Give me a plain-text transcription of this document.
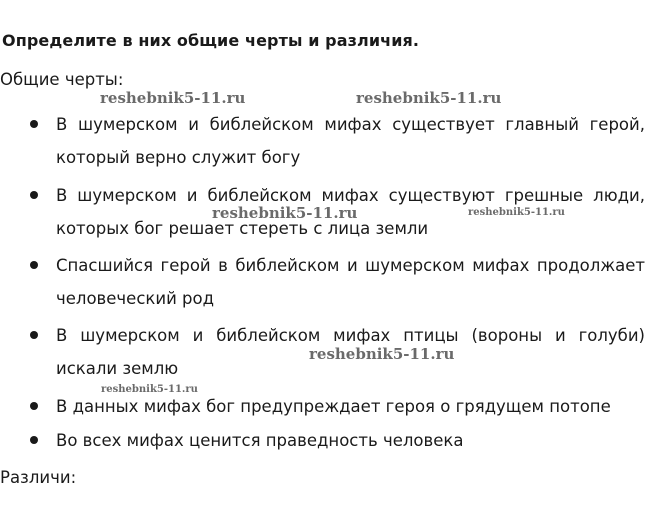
Определите в них общие черты и различия.
Общие черты:
В шумерском и библейском мифах существует главный герой, который верно служит богу
В шумерском и библейском мифах существуют грешные люди, которых бог решает стереть с лица земли
Спасшийся герой в библейском и шумерском мифах продолжает человеческий род
В шумерском и библейском мифах птицы (вороны и голуби) искали землю
В данных мифах бог предупреждает героя о грядущем потопе
Во всех мифах ценится праведность человека
Различи:
reshebnik5-11.ru	reshebnik5-11.ru
reshebnik5-11.ru	reshebnik5-11.ru
reshebnik5-11.ru
reshebnik5-11.ru
